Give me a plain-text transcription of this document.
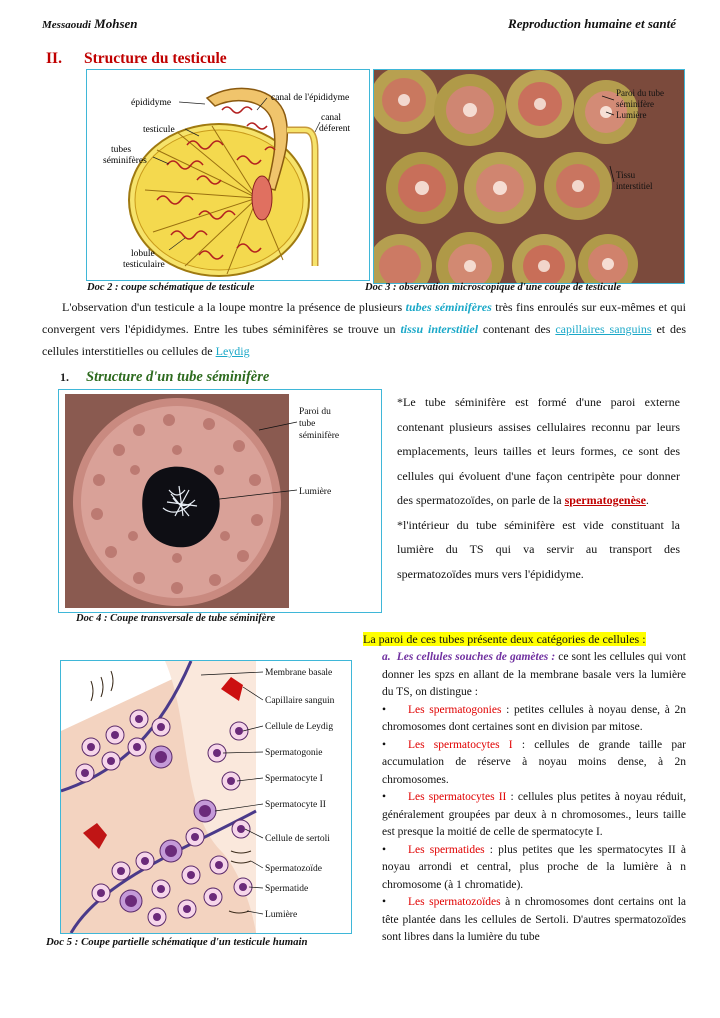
Messaoudi Mohsen	Reproduction humaine et santé
II. Structure du testicule
épididyme	canal de l'épididyme
testicule
canal
déferent
tubes
séminifères
lobule
testiculaire
Doc 2 : coupe schématique de testicule
Paroi du tube
séminifère
Lumière
Tissu
interstitiel
Doc 3 : observation microscopique d'une coupe de testicule
L'observation d'un testicule a la loupe montre la présence de plusieurs tubes séminifères très fins enroulés sur eux-mêmes et qui convergent vers l'épididymes. Entre les tubes séminifères se trouve un tissu interstitiel contenant des capillaires sanguins et des cellules interstitielles ou cellules de Leydig
1. Structure d'un tube séminifère
Paroi du
tube
séminifère
Lumière
Doc 4 : Coupe transversale de tube séminifère
*Le tube séminifère est formé d'une paroi externe contenant plusieurs assises cellulaires reconnu par leurs emplacements, leurs tailles et leurs formes, ce sont des cellules qui évoluent d'une façon centripète pour donner des spermatozoïdes, on parle de la spermatogenèse.
*l'intérieur du tube séminifère est vide constituant la lumière du TS qui va servir au transport des spermatozoïdes murs vers l'épididyme.
La paroi de ces tubes présente deux catégories de cellules :

a. Les cellules souches de gamètes : ce sont les cellules qui vont donner les spzs en allant de la membrane basale vers la lumière du TS, on distingue :

• Les spermatogonies : petites cellules à noyau dense, à 2n chromosomes dont certaines sont en division par mitose.

• Les spermatocytes I : cellules de grande taille par accumulation de réserve à noyau moins dense, à 2n chromosomes.

• Les spermatocytes II : cellules plus petites à noyau réduit, généralement groupées par deux à n chromosomes., leurs taille est presque la moitié de celle de spermatocyte I.

• Les spermatides : plus petites que les spermatocytes II à noyau arrondi et central, plus proche de la lumière à n chromosome (à 1 chromatide).

• Les spermatozoïdes à n chromosomes dont certains ont la tête plantée dans les cellules de Sertoli. D'autres spermatozoïdes sont libres dans la lumière du tube

Membrane basale
Capillaire sanguin
Cellule de Leydig
Spermatogonie
Spermatocyte I
Spermatocyte II
Cellule de sertoli
Spermatozoïde
Spermatide
Lumière
Doc 5 : Coupe partielle schématique d'un testicule humain
